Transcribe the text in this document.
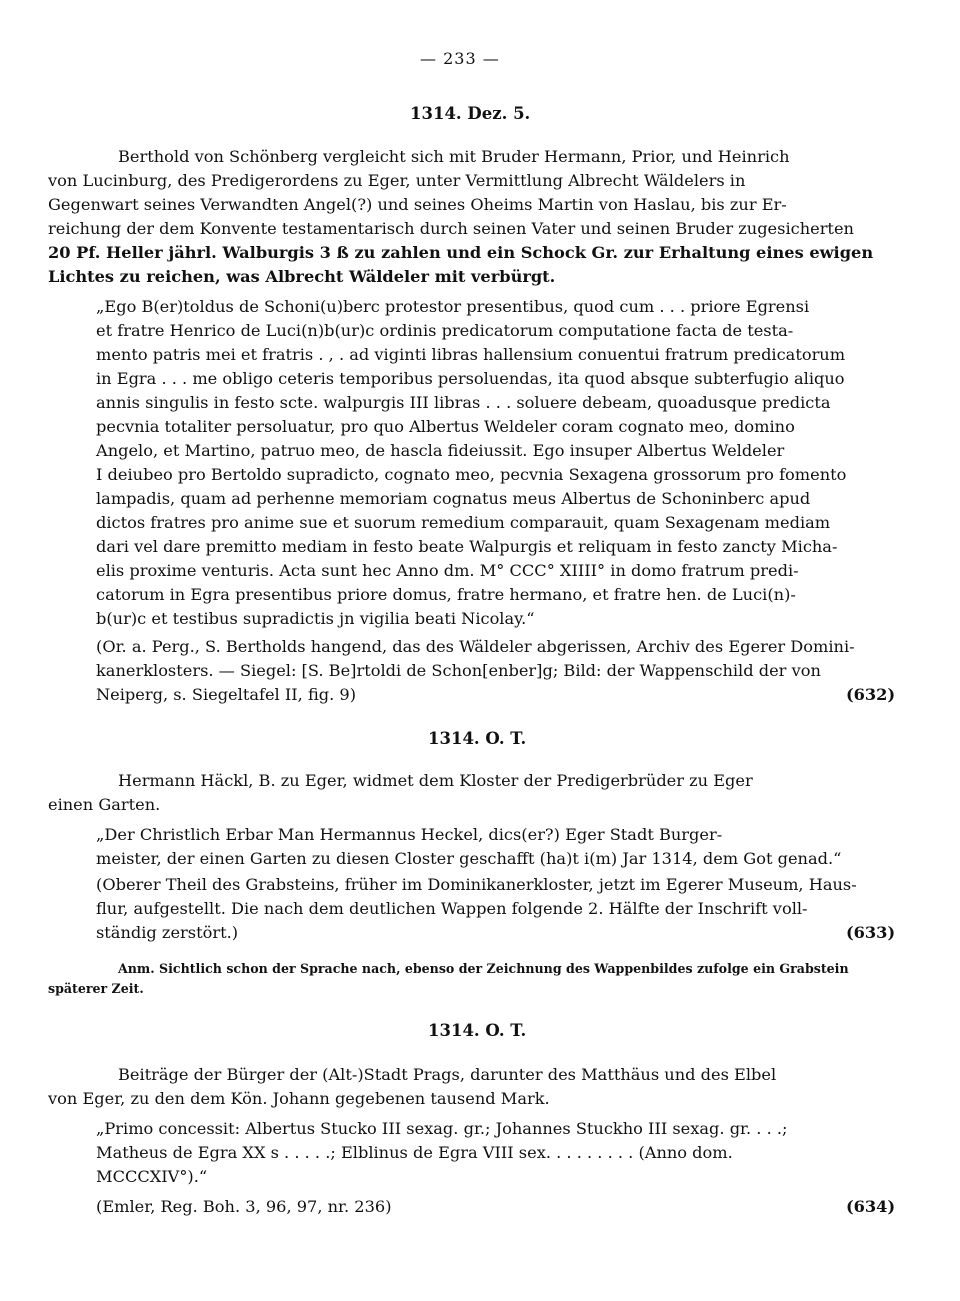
— 233 —
1314. Dez. 5.
Berthold von Schönberg vergleicht sich mit Bruder Hermann, Prior, und Heinrich
von Lucinburg, des Predigerordens zu Eger, unter Vermittlung Albrecht Wäldelers in
Gegenwart seines Verwandten Angel(?) und seines Oheims Martin von Haslau, bis zur Er-
reichung der dem Konvente testamentarisch durch seinen Vater und seinen Bruder zugesicherten
20 Pf. Heller jährl. Walburgis 3 ß zu zahlen und ein Schock Gr. zur Erhaltung eines ewigen
Lichtes zu reichen, was Albrecht Wäldeler mit verbürgt.
„Ego B(er)toldus de Schoni(u)berc protestor presentibus, quod cum . . . priore Egrensi
et fratre Henrico de Luci(n)b(ur)c ordinis predicatorum computatione facta de testa-
mento patris mei et fratris . , . ad viginti libras hallensium conuentui fratrum predicatorum
in Egra . . . me obligo ceteris temporibus persoluendas, ita quod absque subterfugio aliquo
annis singulis in festo scte. walpurgis III libras . . . soluere debeam, quoadusque predicta
pecvnia totaliter persoluatur, pro quo Albertus Weldeler coram cognato meo, domino
Angelo, et Martino, patruo meo, de hascla fideiussit. Ego insuper Albertus Weldeler
I deiubeo pro Bertoldo supradicto, cognato meo, pecvnia Sexagena grossorum pro fomento
lampadis, quam ad perhenne memoriam cognatus meus Albertus de Schoninberc apud
dictos fratres pro anime sue et suorum remedium comparauit, quam Sexagenam mediam
dari vel dare premitto mediam in festo beate Walpurgis et reliquam in festo zancty Micha-
elis proxime venturis. Acta sunt hec Anno dm. M° CCC° XIIII° in domo fratrum predi-
catorum in Egra presentibus priore domus, fratre hermano, et fratre hen. de Luci(n)-
b(ur)c et testibus supradictis jn vigilia beati Nicolay.“
(Or. a. Perg., S. Bertholds hangend, das des Wäldeler abgerissen, Archiv des Egerer Domini-
kanerklosters. — Siegel: [S. Be]rtoldi de Schon[enber]g; Bild: der Wappenschild der von
Neiperg, s. Siegeltafel II, fig. 9)	(632)
1314. O. T.
Hermann Häckl, B. zu Eger, widmet dem Kloster der Predigerbrüder zu Eger
einen Garten.
„Der Christlich Erbar Man Hermannus Heckel, dics(er?) Eger Stadt Burger-
meister, der einen Garten zu diesen Closter geschafft (ha)t i(m) Jar 1314, dem Got genad.“
(Oberer Theil des Grabsteins, früher im Dominikanerkloster, jetzt im Egerer Museum, Haus-
flur, aufgestellt. Die nach dem deutlichen Wappen folgende 2. Hälfte der Inschrift voll-
ständig zerstört.)	(633)
Anm. Sichtlich schon der Sprache nach, ebenso der Zeichnung des Wappenbildes zufolge ein Grabstein
späterer Zeit.
1314. O. T.
Beiträge der Bürger der (Alt-)Stadt Prags, darunter des Matthäus und des Elbel
von Eger, zu den dem Kön. Johann gegebenen tausend Mark.
„Primo concessit: Albertus Stucko III sexag. gr.; Johannes Stuckho III sexag. gr. . . .;
Matheus de Egra XX s . . . . .; Elblinus de Egra VIII sex. . . . . . . . . (Anno dom.
MCCCXIV°).“
(Emler, Reg. Boh. 3, 96, 97, nr. 236)	(634)
